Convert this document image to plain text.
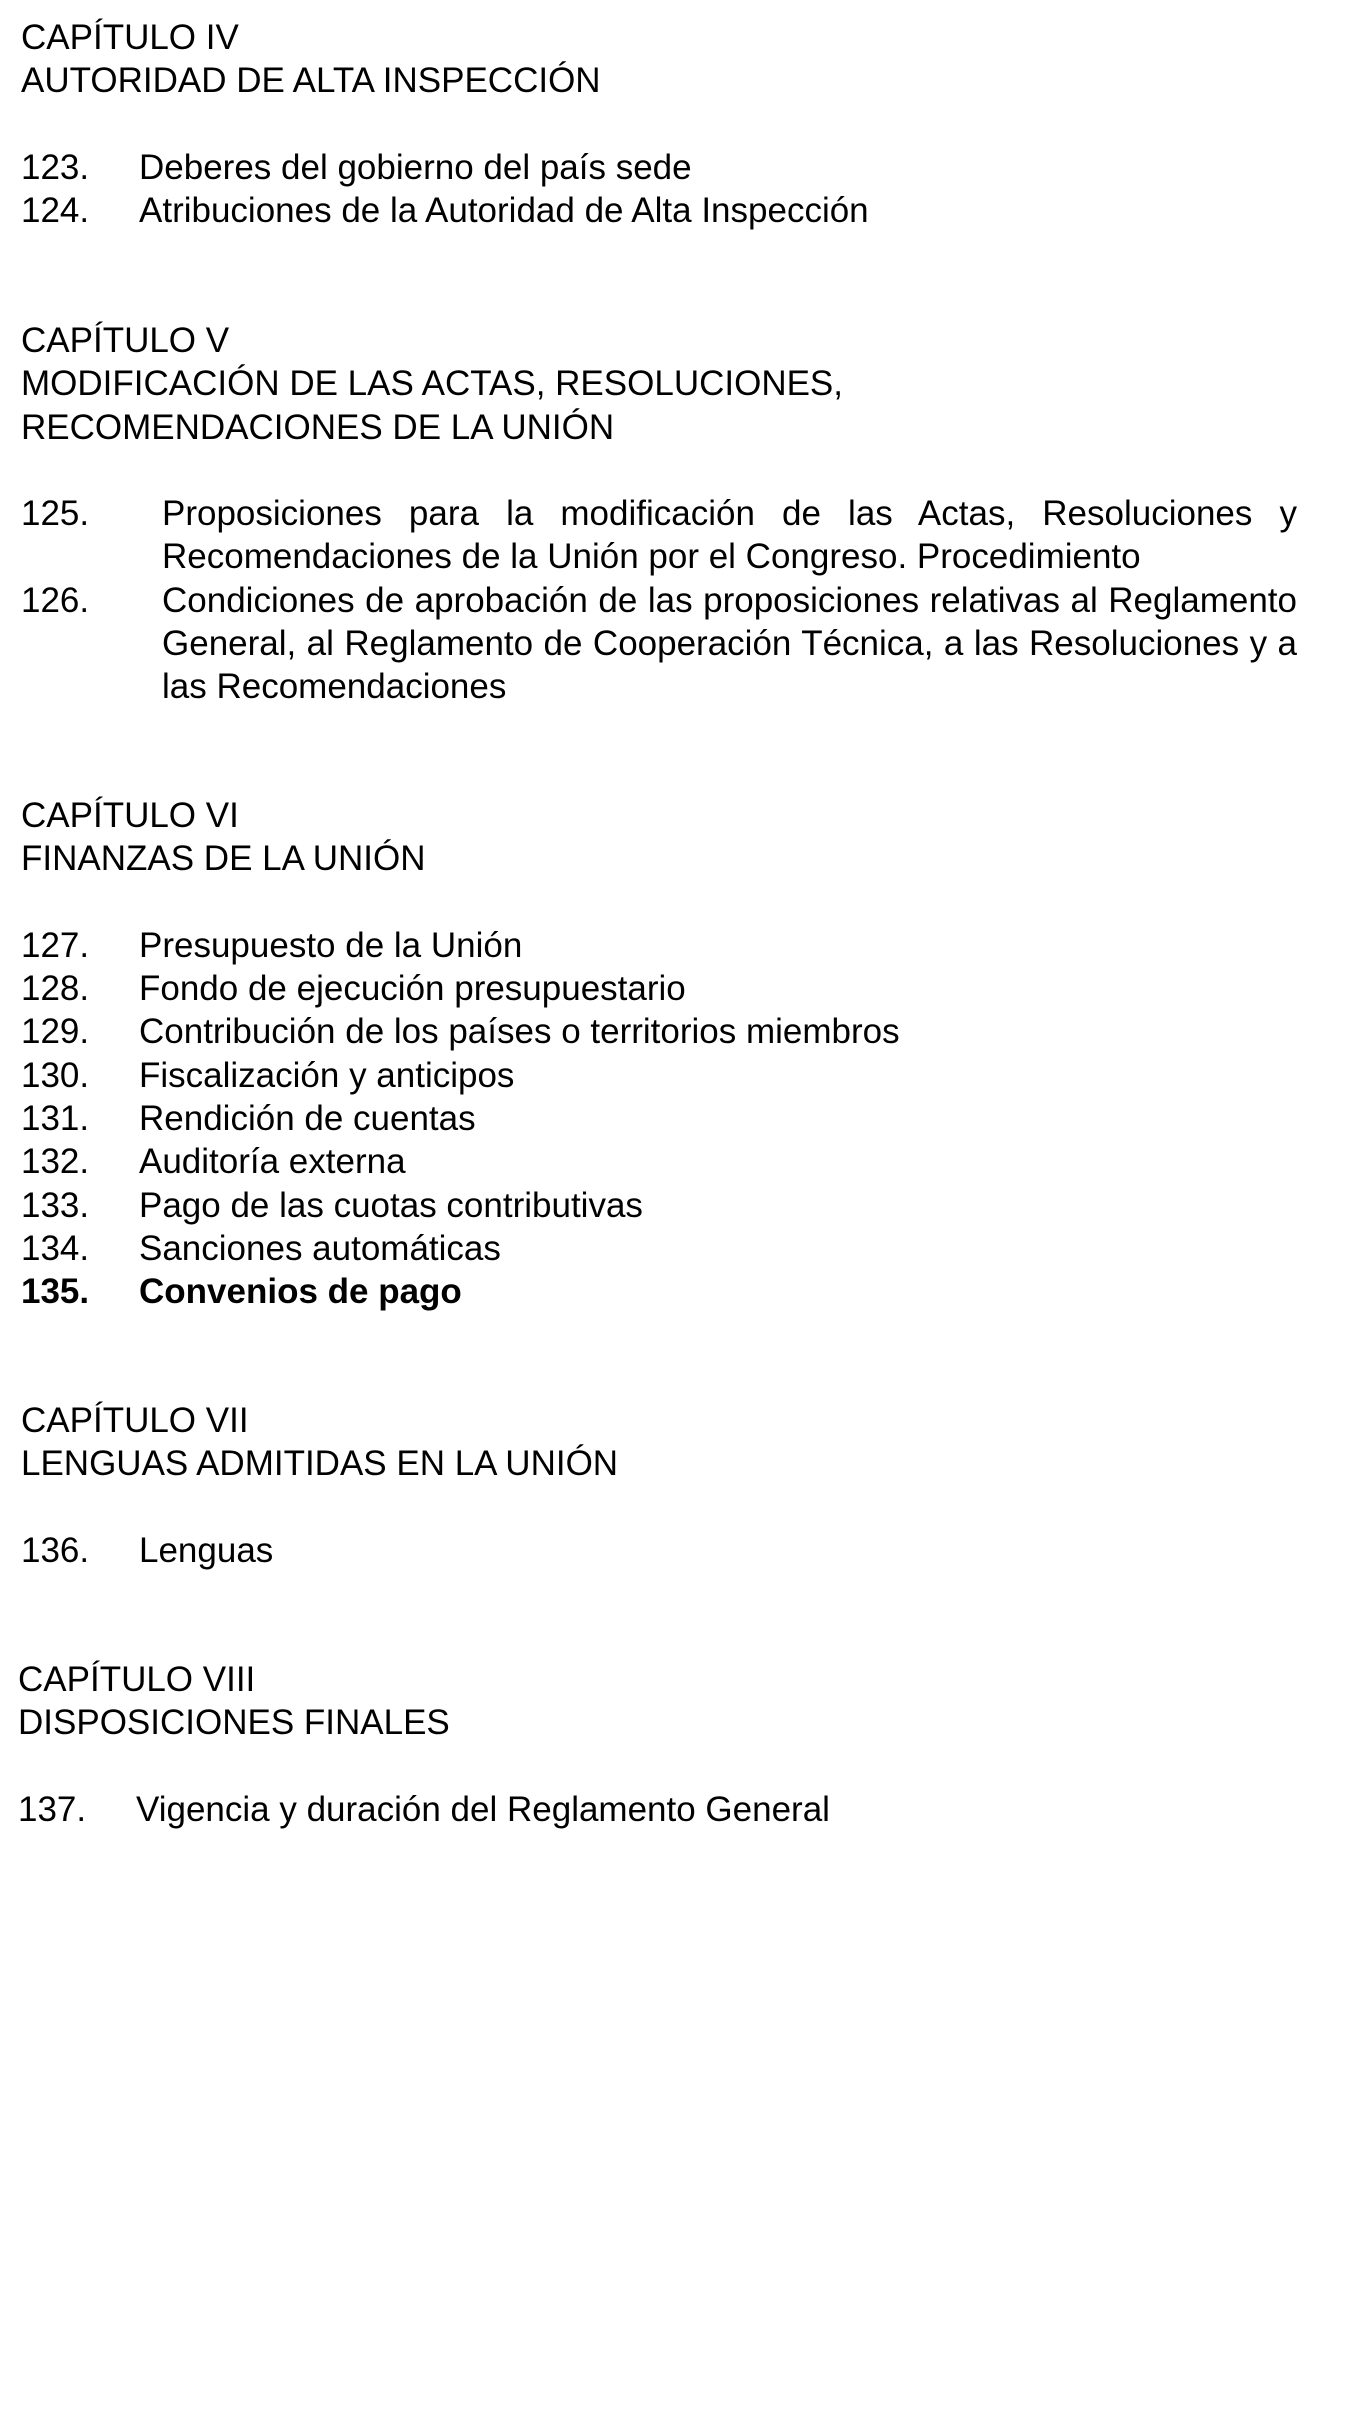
CAPÍTULO IV
AUTORIDAD DE ALTA INSPECCIÓN
123.	Deberes del gobierno del país sede
124.	Atribuciones de la Autoridad de Alta Inspección
CAPÍTULO V
MODIFICACIÓN DE LAS ACTAS, RESOLUCIONES,
RECOMENDACIONES DE LA UNIÓN
125.	Proposiciones para la modificación de las Actas, Resoluciones y Recomendaciones de la Unión por el Congreso. Procedimiento
126.	Condiciones de aprobación de las proposiciones relativas al Reglamento General, al Reglamento de Cooperación Técnica, a las Resoluciones y a las Recomendaciones
CAPÍTULO VI
FINANZAS DE LA UNIÓN
127.	Presupuesto de la Unión
128.	Fondo de ejecución presupuestario
129.	Contribución de los países o territorios miembros
130.	Fiscalización y anticipos
131.	Rendición de cuentas
132.	Auditoría externa
133.	Pago de las cuotas contributivas
134.	Sanciones automáticas
135.	Convenios de pago
CAPÍTULO VII
LENGUAS ADMITIDAS EN LA UNIÓN
136.	Lenguas
CAPÍTULO VIII
DISPOSICIONES FINALES
137.	Vigencia y duración del Reglamento General
